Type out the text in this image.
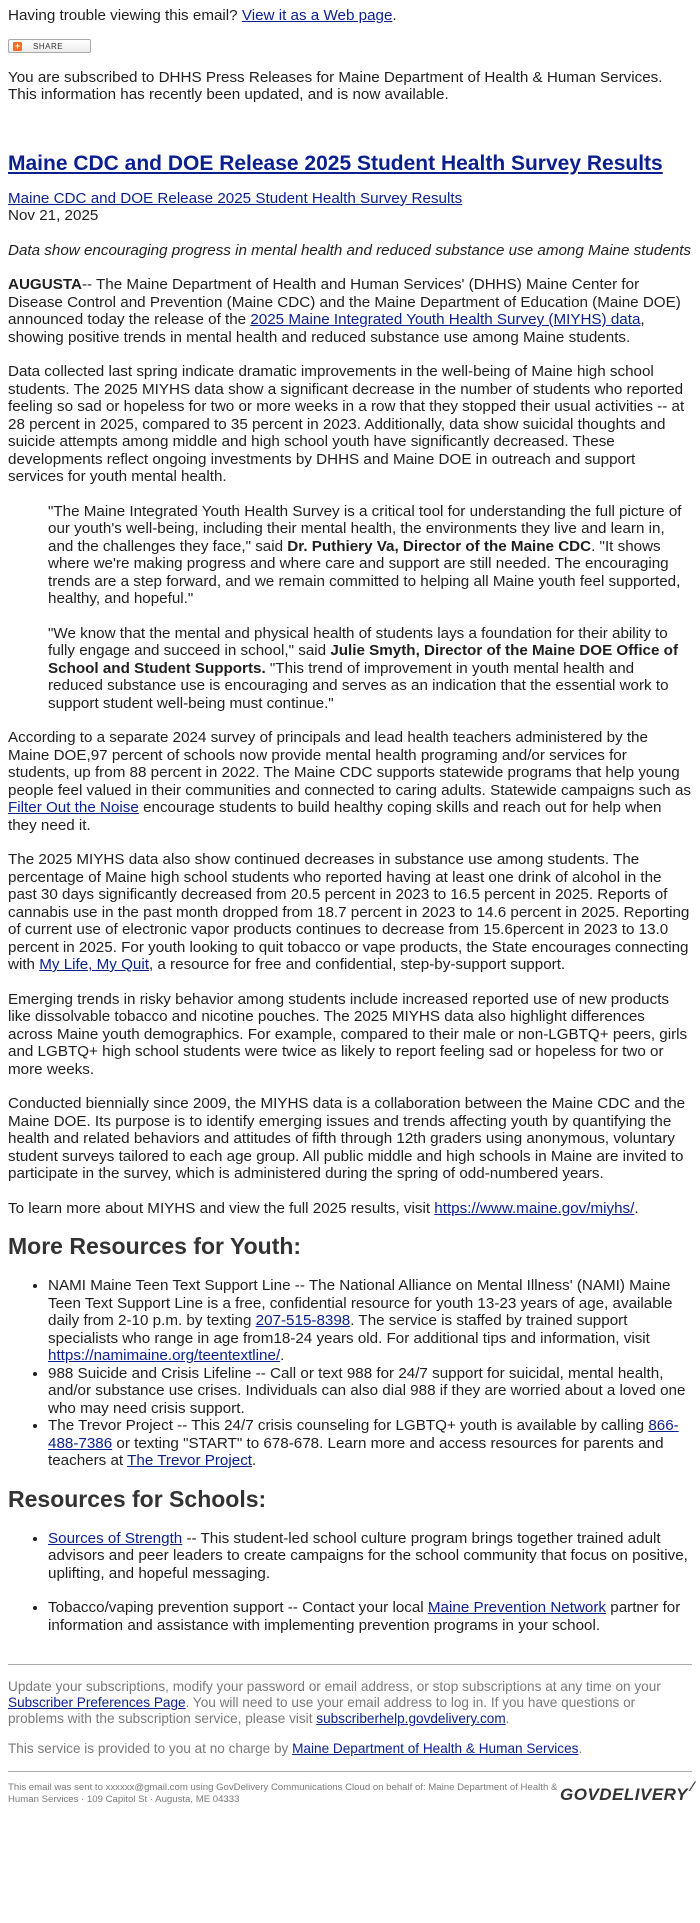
Having trouble viewing this email? View it as a Web page.

+ SHARE

You are subscribed to DHHS Press Releases for Maine Department of Health & Human Services. This information has recently been updated, and is now available.

Maine CDC and DOE Release 2025 Student Health Survey Results

Maine CDC and DOE Release 2025 Student Health Survey Results

Nov 21, 2025

Data show encouraging progress in mental health and reduced substance use among Maine students

AUGUSTA-- The Maine Department of Health and Human Services' (DHHS) Maine Center for Disease Control and Prevention (Maine CDC) and the Maine Department of Education (Maine DOE) announced today the release of the 2025 Maine Integrated Youth Health Survey (MIYHS) data, showing positive trends in mental health and reduced substance use among Maine students.

Data collected last spring indicate dramatic improvements in the well-being of Maine high school students. The 2025 MIYHS data show a significant decrease in the number of students who reported feeling so sad or hopeless for two or more weeks in a row that they stopped their usual activities -- at 28 percent in 2025, compared to 35 percent in 2023. Additionally, data show suicidal thoughts and suicide attempts among middle and high school youth have significantly decreased. These developments reflect ongoing investments by DHHS and Maine DOE in outreach and support services for youth mental health.

"The Maine Integrated Youth Health Survey is a critical tool for understanding the full picture of our youth's well-being, including their mental health, the environments they live and learn in, and the challenges they face," said Dr. Puthiery Va, Director of the Maine CDC. "It shows where we're making progress and where care and support are still needed. The encouraging trends are a step forward, and we remain committed to helping all Maine youth feel supported, healthy, and hopeful."

"We know that the mental and physical health of students lays a foundation for their ability to fully engage and succeed in school," said Julie Smyth, Director of the Maine DOE Office of School and Student Supports. "This trend of improvement in youth mental health and reduced substance use is encouraging and serves as an indication that the essential work to support student well-being must continue."

According to a separate 2024 survey of principals and lead health teachers administered by the Maine DOE,97 percent of schools now provide mental health programing and/or services for students, up from 88 percent in 2022. The Maine CDC supports statewide programs that help young people feel valued in their communities and connected to caring adults. Statewide campaigns such as Filter Out the Noise encourage students to build healthy coping skills and reach out for help when they need it.

The 2025 MIYHS data also show continued decreases in substance use among students. The percentage of Maine high school students who reported having at least one drink of alcohol in the past 30 days significantly decreased from 20.5 percent in 2023 to 16.5 percent in 2025. Reports of cannabis use in the past month dropped from 18.7 percent in 2023 to 14.6 percent in 2025. Reporting of current use of electronic vapor products continues to decrease from 15.6percent in 2023 to 13.0 percent in 2025. For youth looking to quit tobacco or vape products, the State encourages connecting with My Life, My Quit, a resource for free and confidential, step-by-support support.

Emerging trends in risky behavior among students include increased reported use of new products like dissolvable tobacco and nicotine pouches. The 2025 MIYHS data also highlight differences across Maine youth demographics. For example, compared to their male or non-LGBTQ+ peers, girls and LGBTQ+ high school students were twice as likely to report feeling sad or hopeless for two or more weeks.

Conducted biennially since 2009, the MIYHS data is a collaboration between the Maine CDC and the Maine DOE. Its purpose is to identify emerging issues and trends affecting youth by quantifying the health and related behaviors and attitudes of fifth through 12th graders using anonymous, voluntary student surveys tailored to each age group. All public middle and high schools in Maine are invited to participate in the survey, which is administered during the spring of odd-numbered years.

To learn more about MIYHS and view the full 2025 results, visit https://www.maine.gov/miyhs/.

More Resources for Youth:
• NAMI Maine Teen Text Support Line -- The National Alliance on Mental Illness' (NAMI) Maine Teen Text Support Line is a free, confidential resource for youth 13-23 years of age, available daily from 2-10 p.m. by texting 207-515-8398. The service is staffed by trained support specialists who range in age from18-24 years old. For additional tips and information, visit https://namimaine.org/teentextline/.
• 988 Suicide and Crisis Lifeline -- Call or text 988 for 24/7 support for suicidal, mental health, and/or substance use crises. Individuals can also dial 988 if they are worried about a loved one who may need crisis support.
• The Trevor Project -- This 24/7 crisis counseling for LGBTQ+ youth is available by calling 866-488-7386 or texting "START" to 678-678. Learn more and access resources for parents and teachers at The Trevor Project.
Resources for Schools:
• Sources of Strength -- This student-led school culture program brings together trained adult advisors and peer leaders to create campaigns for the school community that focus on positive, uplifting, and hopeful messaging.
• Tobacco/vaping prevention support -- Contact your local Maine Prevention Network partner for information and assistance with implementing prevention programs in your school.

Update your subscriptions, modify your password or email address, or stop subscriptions at any time on your Subscriber Preferences Page. You will need to use your email address to log in. If you have questions or problems with the subscription service, please visit subscriberhelp.govdelivery.com.

This service is provided to you at no charge by Maine Department of Health & Human Services.

This email was sent to xxxxxx@gmail.com using GovDelivery Communications Cloud on behalf of: Maine Department of Health & Human Services · 109 Capitol St · Augusta, ME 04333	GOVDELIVERY ⁄
